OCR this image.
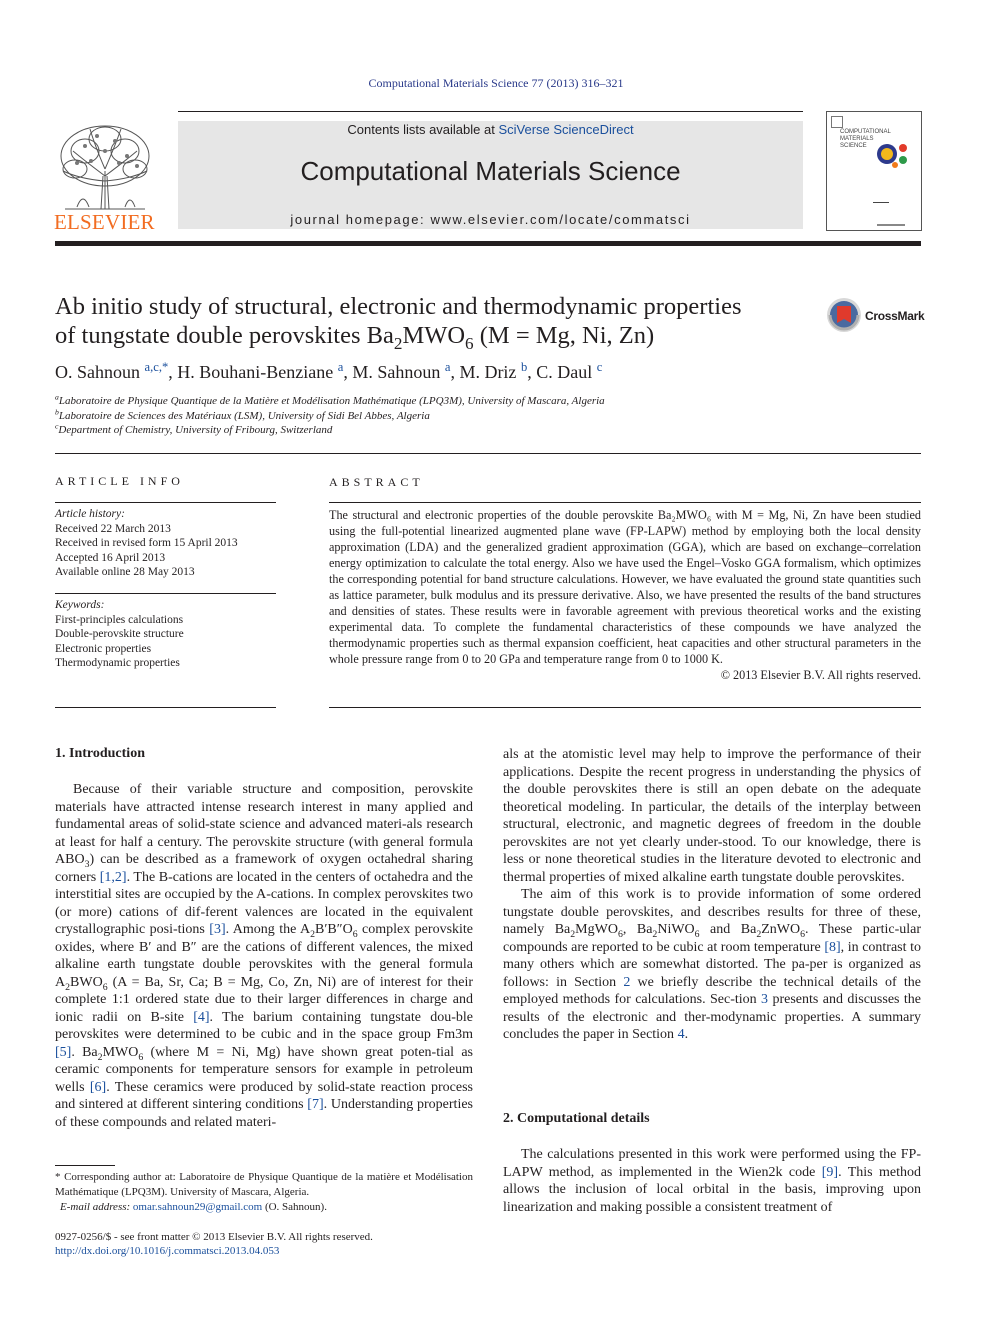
Computational Materials Science 77 (2013) 316–321
ELSEVIER
Contents lists available at SciVerse ScienceDirect
Computational Materials Science
journal homepage: www.elsevier.com/locate/commatsci
COMPUTATIONAL MATERIALS SCIENCE
Ab initio study of structural, electronic and thermodynamic properties
of tungstate double perovskites $Ba_2MWO_6$ (M = Mg, Ni, Zn)
CrossMark
O. Sahnoun $^{a,c,*}$, H. Bouhani-Benziane $^a$, M. Sahnoun $^a$, M. Driz $^b$, C. Daul $^c$
$^a$Laboratoire de Physique Quantique de la Matière et Modélisation Mathématique (LPQ3M), University of Mascara, Algeria
$^b$Laboratoire de Sciences des Matériaux (LSM), University of Sidi Bel Abbes, Algeria
$^c$Department of Chemistry, University of Fribourg, Switzerland
ARTICLE INFO
Article history:
Received 22 March 2013
Received in revised form 15 April 2013
Accepted 16 April 2013
Available online 28 May 2013
Keywords:
First-principles calculations
Double-perovskite structure
Electronic properties
Thermodynamic properties
ABSTRACT
The structural and electronic properties of the double perovskite Ba₂MWO₆ with M = Mg, Ni, Zn have been studied using the full-potential linearized augmented plane wave (FP-LAPW) method by employing both the local density approximation (LDA) and the generalized gradient approximation (GGA), which are based on exchange–correlation energy optimization to calculate the total energy. Also we have used the Engel–Vosko GGA formalism, which optimizes the corresponding potential for band structure calculations. However, we have evaluated the ground state quantities such as lattice parameter, bulk modulus and its pressure derivative. Also, we have presented the results of the band structures and densities of states. These results were in favorable agreement with previous theoretical works and the existing experimental data. To complete the fundamental characteristics of these compounds we have analyzed the thermodynamic properties such as thermal expansion coefficient, heat capacities and other structural parameters in the whole pressure range from 0 to 20 GPa and temperature range from 0 to 1000 K.
© 2013 Elsevier B.V. All rights reserved.
1. Introduction

Because of their variable structure and composition, perovskite materials have attracted intense research interest in many applied and fundamental areas of solid-state science and advanced materi-als research at least for half a century. The perovskite structure (with general formula $ABO_3$) can be described as a framework of oxygen octahedral sharing corners [1,2]. The B-cations are located in the centers of octahedra and the interstitial sites are occupied by the A-cations. In complex perovskites two (or more) cations of dif-ferent valences are located in the equivalent crystallographic posi-tions [3]. Among the $A_2B'B''O_6$ complex perovskite oxides, where B′ and B″ are the cations of different valences, the mixed alkaline earth tungstate double perovskites with the general formula $A_2BWO_6$ (A = Ba, Sr, Ca; B = Mg, Co, Zn, Ni) are of interest for their complete 1:1 ordered state due to their larger differences in charge and ionic radii on B-site [4]. The barium containing tungstate dou-ble perovskites were determined to be cubic and in the space group Fm3m [5]. $Ba_2MWO_6$ (where M = Ni, Mg) have shown great poten-tial as ceramic components for temperature sensors for example in petroleum wells [6]. These ceramics were produced by solid-state reaction process and sintered at different sintering conditions [7]. Understanding properties of these compounds and related materi-

als at the atomistic level may help to improve the performance of their applications. Despite the recent progress in understanding the physics of the double perovskites there is still an open debate on the adequate theoretical modeling. In particular, the details of the interplay between structural, electronic, and magnetic degrees of freedom in the double perovskites are not yet clearly under-stood. To our knowledge, there is less or none theoretical studies in the literature devoted to electronic and thermal properties of mixed alkaline earth tungstate double perovskites.

The aim of this work is to provide information of some ordered tungstate double perovskites, and describes results for three of these, namely $Ba_2MgWO_6$, $Ba_2NiWO_6$ and $Ba_2ZnWO_6$. These partic-ular compounds are reported to be cubic at room temperature [8], in contrast to many others which are somewhat distorted. The pa-per is organized as follows: in Section 2 we briefly describe the technical details of the employed methods for calculations. Sec-tion 3 presents and discusses the results of the electronic and ther-modynamic properties. A summary concludes the paper in Section 4.

2. Computational details

The calculations presented in this work were performed using the FP-LAPW method, as implemented in the Wien2k code [9]. This method allows the inclusion of local orbital in the basis, improving upon linearization and making possible a consistent treatment of

* Corresponding author at: Laboratoire de Physique Quantique de la matière et Modélisation Mathématique (LPQ3M). University of Mascara, Algeria.
E-mail address: omar.sahnoun29@gmail.com (O. Sahnoun).
0927-0256/$ - see front matter © 2013 Elsevier B.V. All rights reserved.
http://dx.doi.org/10.1016/j.commatsci.2013.04.053
